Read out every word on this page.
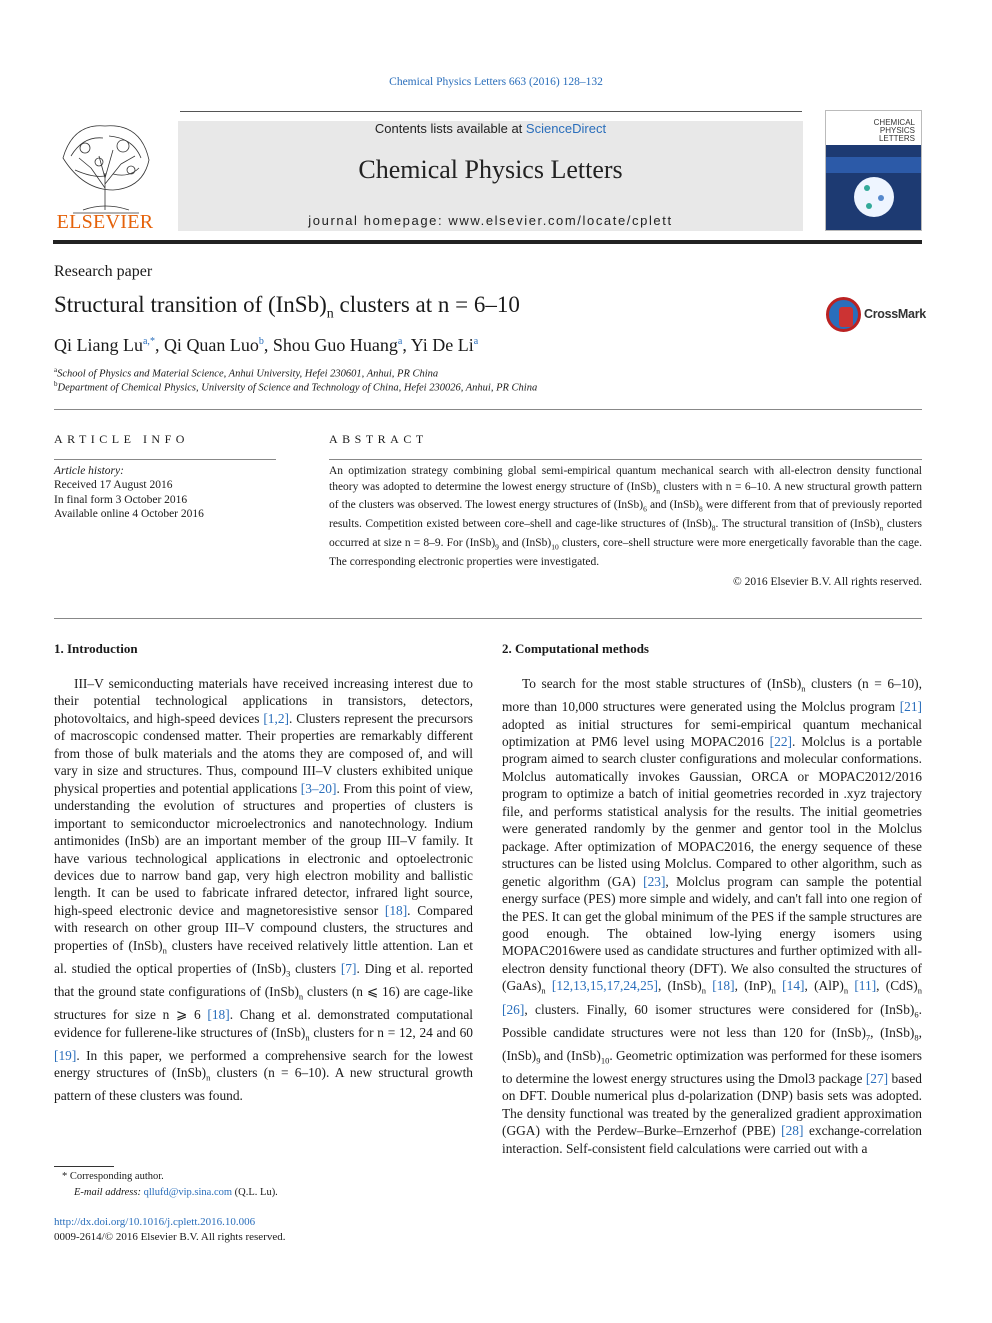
Chemical Physics Letters 663 (2016) 128–132
ELSEVIER
Contents lists available at ScienceDirect
Chemical Physics Letters
journal homepage: www.elsevier.com/locate/cplett
CHEMICAL PHYSICS LETTERS
Research paper
Structural transition of $(InSb)_n$ clusters at n = 6–10	CrossMark
Qi Liang $Lu^{a,*}$, Qi Quan Luo$^b$, Shou Guo Huang$^a$, Yi De Li$^a$
$^a$School of Physics and Material Science, Anhui University, Hefei 230601, Anhui, PR China
$^b$Department of Chemical Physics, University of Science and Technology of China, Hefei 230026, Anhui, PR China
ARTICLE INFO
Article history:
Received 17 August 2016
In final form 3 October 2016
Available online 4 October 2016
ABSTRACT
An optimization strategy combining global semi-empirical quantum mechanical search with all-electron density functional theory was adopted to determine the lowest energy structure of $(InSb)_n$ clusters with n = 6–10. A new structural growth pattern of the clusters was observed. The lowest energy structures of $(InSb)_6$ and $(InSb)_8$ were different from that of previously reported results. Competition existed between core–shell and cage-like structures of $(InSb)_8$. The structural transition of $(InSb)_n$ clusters occurred at size n = 8–9. For $(InSb)_9$ and $(InSb)_{10}$ clusters, core–shell structure were more energetically favorable than the cage. The corresponding electronic properties were investigated.
© 2016 Elsevier B.V. All rights reserved.
1. Introduction

III–V semiconducting materials have received increasing interest due to their potential technological applications in transistors, detectors, photovoltaics, and high-speed devices [1,2]. Clusters represent the precursors of macroscopic condensed matter. Their properties are remarkably different from those of bulk materials and the atoms they are composed of, and will vary in size and structures. Thus, compound III–V clusters exhibited unique physical properties and potential applications [3–20]. From this point of view, understanding the evolution of structures and properties of clusters is important to semiconductor microelectronics and nanotechnology. Indium antimonides (InSb) are an important member of the group III–V family. It have various technological applications in electronic and optoelectronic devices due to narrow band gap, very high electron mobility and ballistic length. It can be used to fabricate infrared detector, infrared light source, high-speed electronic device and magnetoresistive sensor [18]. Compared with research on other group III–V compound clusters, the structures and properties of $(InSb)_n$ clusters have received relatively little attention. Lan et al. studied the optical properties of $(InSb)_3$ clusters [7]. Ding et al. reported that the ground state configurations of $(InSb)_n$ clusters (n ⩽ 16) are cage-like structures for size n ⩾ 6 [18]. Chang et al. demonstrated computational evidence for fullerene-like structures of $(InSb)_n$ clusters for n = 12, 24 and 60 [19]. In this paper, we performed a comprehensive search for the lowest energy structures of $(InSb)_n$ clusters (n = 6–10). A new structural growth pattern of these clusters was found.

2. Computational methods

To search for the most stable structures of $(InSb)_n$ clusters (n = 6–10), more than 10,000 structures were generated using the Molclus program [21] adopted as initial structures for semi-empirical quantum mechanical optimization at PM6 level using MOPAC2016 [22]. Molclus is a portable program aimed to search cluster configurations and molecular conformations. Molclus automatically invokes Gaussian, ORCA or MOPAC2012/2016 program to optimize a batch of initial geometries recorded in .xyz trajectory file, and performs statistical analysis for the results. The initial geometries were generated randomly by the genmer and gentor tool in the Molclus package. After optimization of MOPAC2016, the energy sequence of these structures can be listed using Molclus. Compared to other algorithm, such as genetic algorithm (GA) [23], Molclus program can sample the potential energy surface (PES) more simple and widely, and can't fall into one region of the PES. It can get the global minimum of the PES if the sample structures are good enough. The obtained low-lying energy isomers using MOPAC2016were used as candidate structures and further optimized with all-electron density functional theory (DFT). We also consulted the structures of $(GaAs)_n$ [12,13,15,17,24,25], $(InSb)_n$ [18], $(InP)_n$ [14], $(AlP)_n$ [11], $(CdS)_n$ [26], clusters. Finally, 60 isomer structures were considered for $(InSb)_6$. Possible candidate structures were not less than 120 for $(InSb)_7$, $(InSb)_8$, $(InSb)_9$ and $(InSb)_{10}$. Geometric optimization was performed for these isomers to determine the lowest energy structures using the Dmol3 package [27] based on DFT. Double numerical plus d-polarization (DNP) basis sets was adopted. The density functional was treated by the generalized gradient approximation (GGA) with the Perdew–Burke–Ernzerhof (PBE) [28] exchange-correlation interaction. Self-consistent field calculations were carried out with a

* Corresponding author.
E-mail address: qllufd@vip.sina.com (Q.L. Lu).
http://dx.doi.org/10.1016/j.cplett.2016.10.006
0009-2614/© 2016 Elsevier B.V. All rights reserved.
